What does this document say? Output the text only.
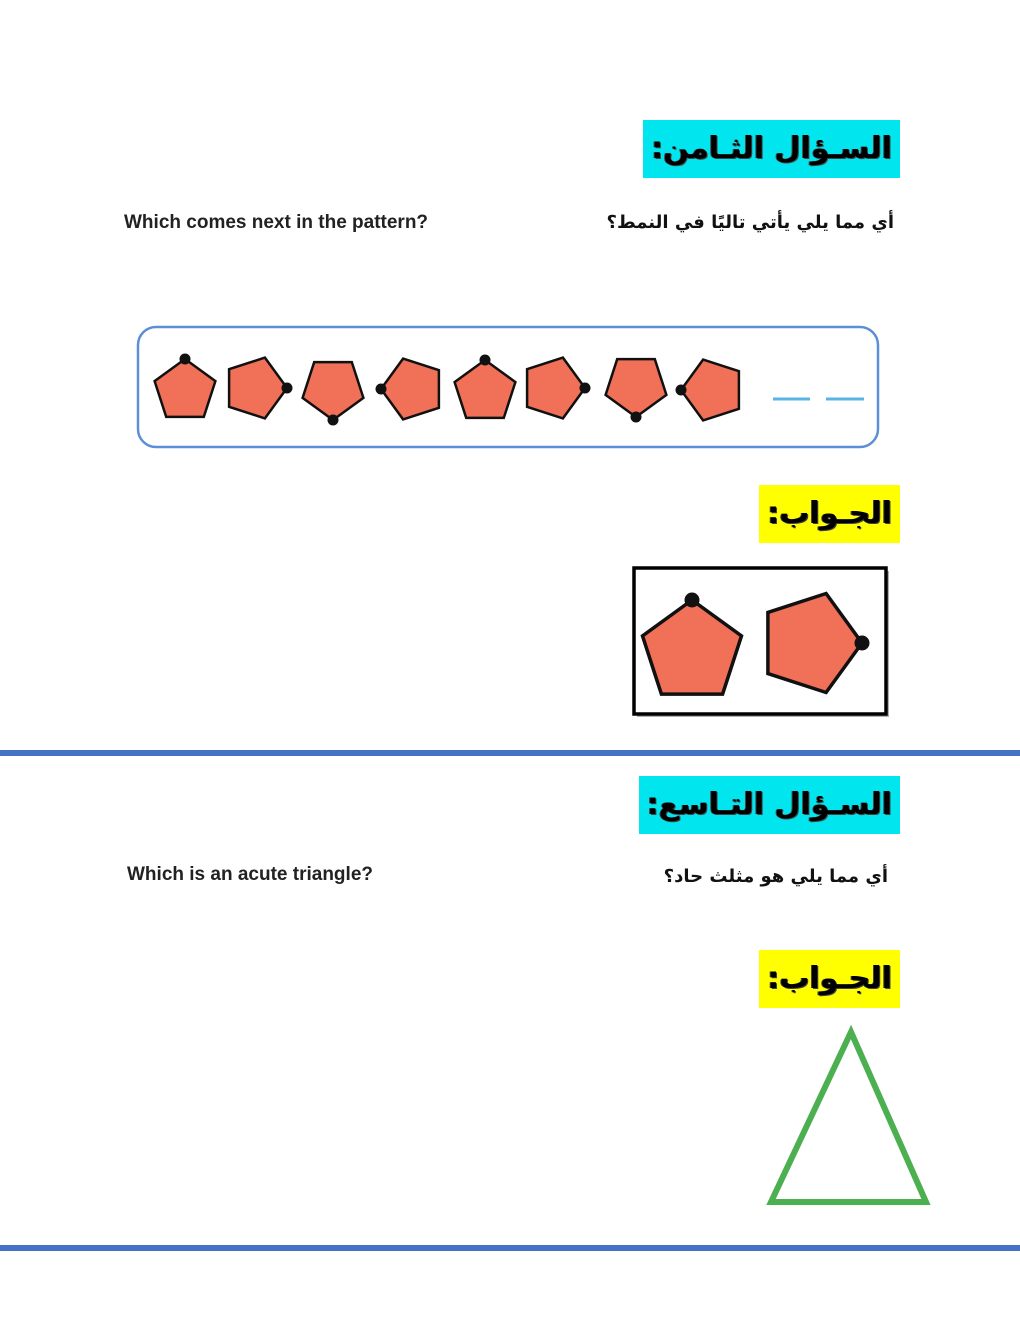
السـؤال الثـامن:
Which comes next in the pattern?	أي مما يلي يأتي تاليًا في النمط؟
الجـواب:
السـؤال التـاسع:
Which is an acute triangle?	أي مما يلي هو مثلث حاد؟
الجـواب:
